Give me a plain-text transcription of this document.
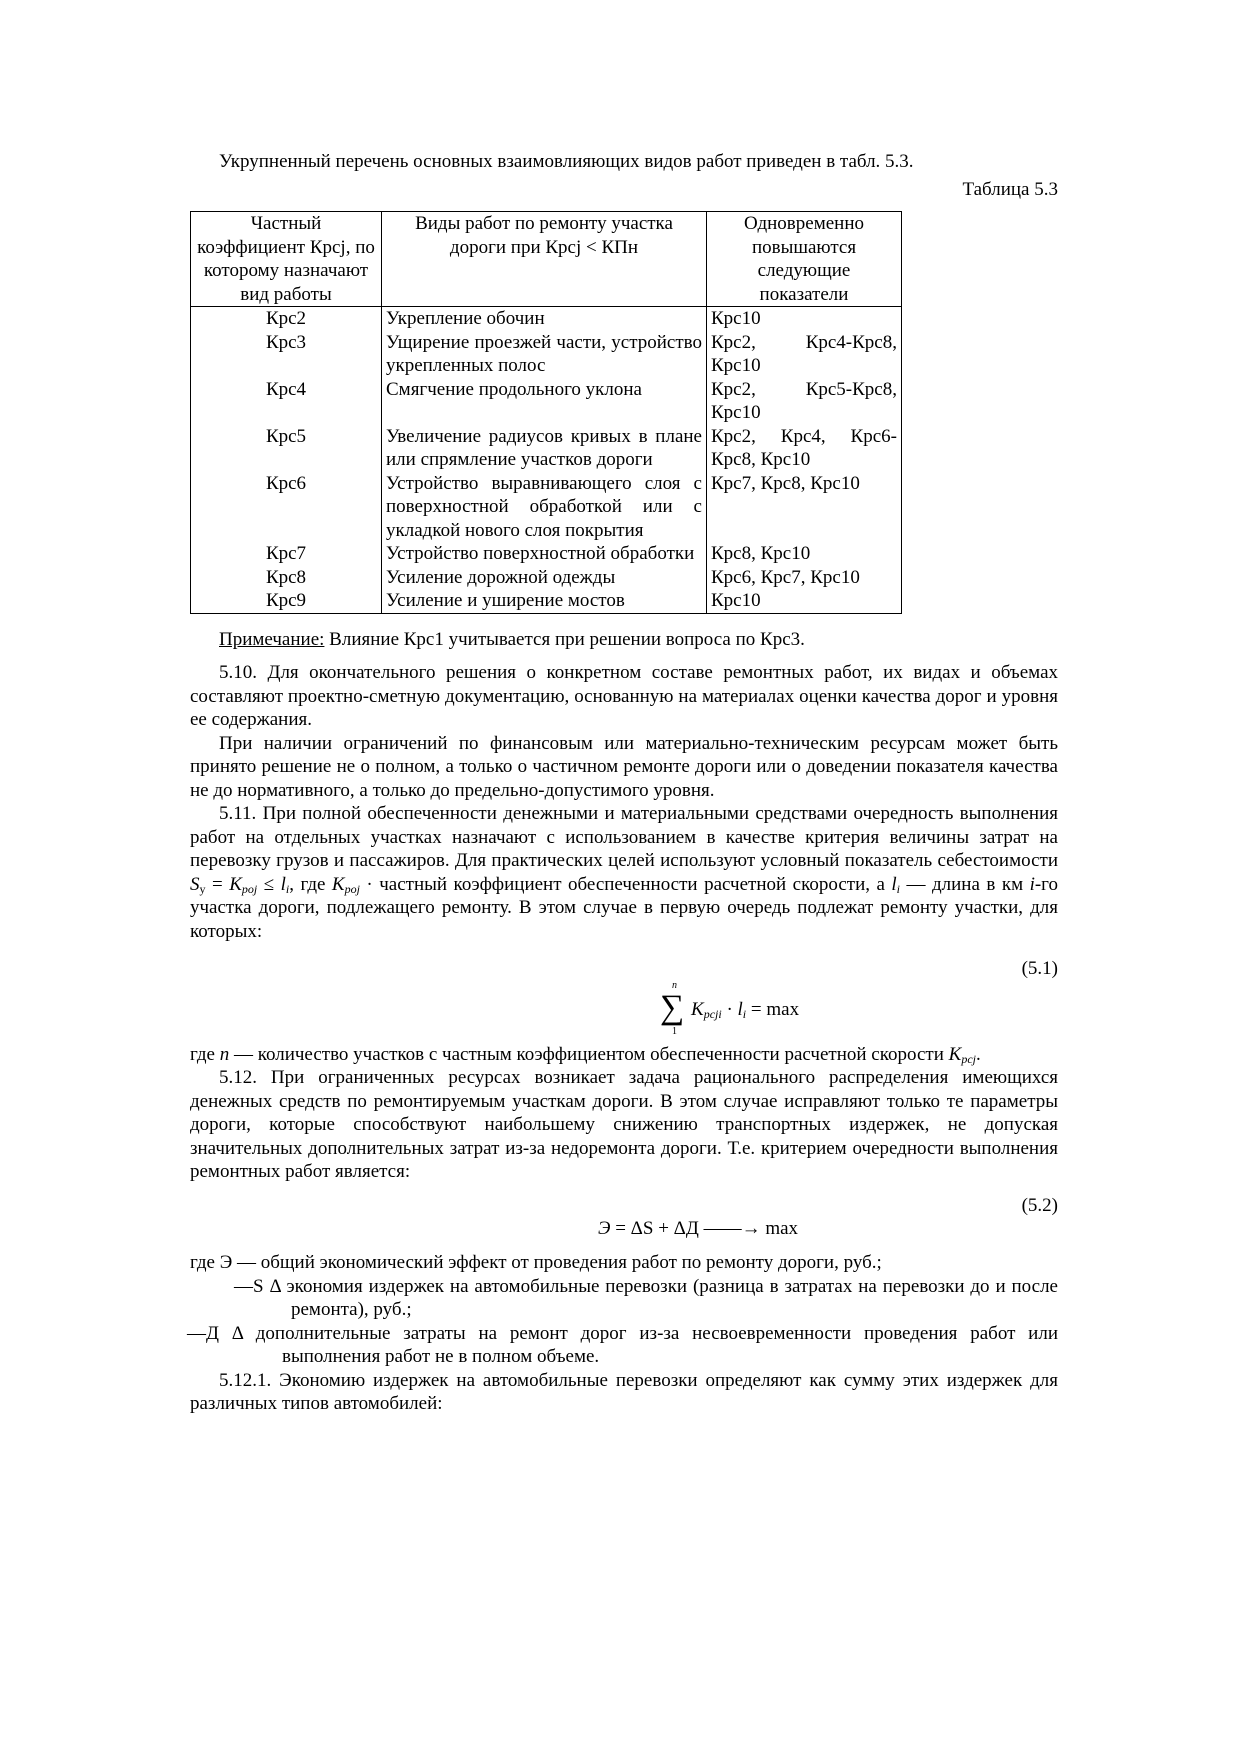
Укрупненный перечень основных взаимовлияющих видов работ приведен в табл. 5.3.

Таблица 5.3

Частный коэффициент Крсj, по которому назначают вид работы	Виды работ по ремонту участка дороги при Крсj < КПн	Одновременно повышаются следующие показатели
Крс2	Укрепление обочин	Крс10
Крс3	Ущирение проезжей части, устройство укрепленных полос	Крс2, Крс4-Крс8, Крс10
Крс4	Смягчение продольного уклона	Крс2, Крс5-Крс8, Крс10
Крс5	Увеличение радиусов кривых в плане или спрямление участков дороги	Крс2, Крс4, Крс6-Крс8, Крс10
Крс6	Устройство выравнивающего слоя с поверхностной обработкой или с укладкой нового слоя покрытия	Крс7, Крс8, Крс10
Крс7	Устройство поверхностной обработки	Крс8, Крс10
Крс8	Усиление дорожной одежды	Крс6, Крс7, Крс10
Крс9	Усиление и уширение мостов	Крс10

Примечание: Влияние Крс1 учитывается при решении вопроса по Крс3.

5.10. Для окончательного решения о конкретном составе ремонтных работ, их видах и объемах составляют проектно-сметную документацию, основанную на материалах оценки качества дорог и уровня ее содержания.

При наличии ограничений по финансовым или материально-техническим ресурсам может быть принято решение не о полном, а только о частичном ремонте дороги или о доведении показателя качества не до нормативного, а только до предельно-допустимого уровня.

5.11. При полной обеспеченности денежными и материальными средствами очередность выполнения работ на отдельных участках назначают с использованием в качестве критерия величины затрат на перевозку грузов и пассажиров. Для практических целей используют условный показатель себестоимости $S_y = K_{poj} \le l_i$, где $K_{poj}$ · частный коэффициент обеспеченности расчетной скорости, а $l_i$ — длина в км i-го участка дороги, подлежащего ремонту. В этом случае в первую очередь подлежат ремонту участки, для которых:

(5.1)

n
∑
1
$K_{pcji} \cdot l_i = \max$

где n — количество участков с частным коэффициентом обеспеченности расчетной скорости $K_{pcj}$.

5.12. При ограниченных ресурсах возникает задача рационального распределения имеющихся денежных средств по ремонтируемым участкам дороги. В этом случае исправляют только те параметры дороги, которые способствуют наибольшему снижению транспортных издержек, не допуская значительных дополнительных затрат из-за недоремонта дороги. Т.е. критерием очередности выполнения ремонтных работ является:

(5.2)

Э = ΔS + ΔД ——→ max

где Э — общий экономический эффект от проведения работ по ремонту дороги, руб.;

—S Δ экономия издержек на автомобильные перевозки (разница в затратах на перевозки до и после ремонта), руб.;

—Д Δ дополнительные затраты на ремонт дорог из-за несвоевременности проведения работ или выполнения работ не в полном объеме.

5.12.1. Экономию издержек на автомобильные перевозки определяют как сумму этих издержек для различных типов автомобилей:
